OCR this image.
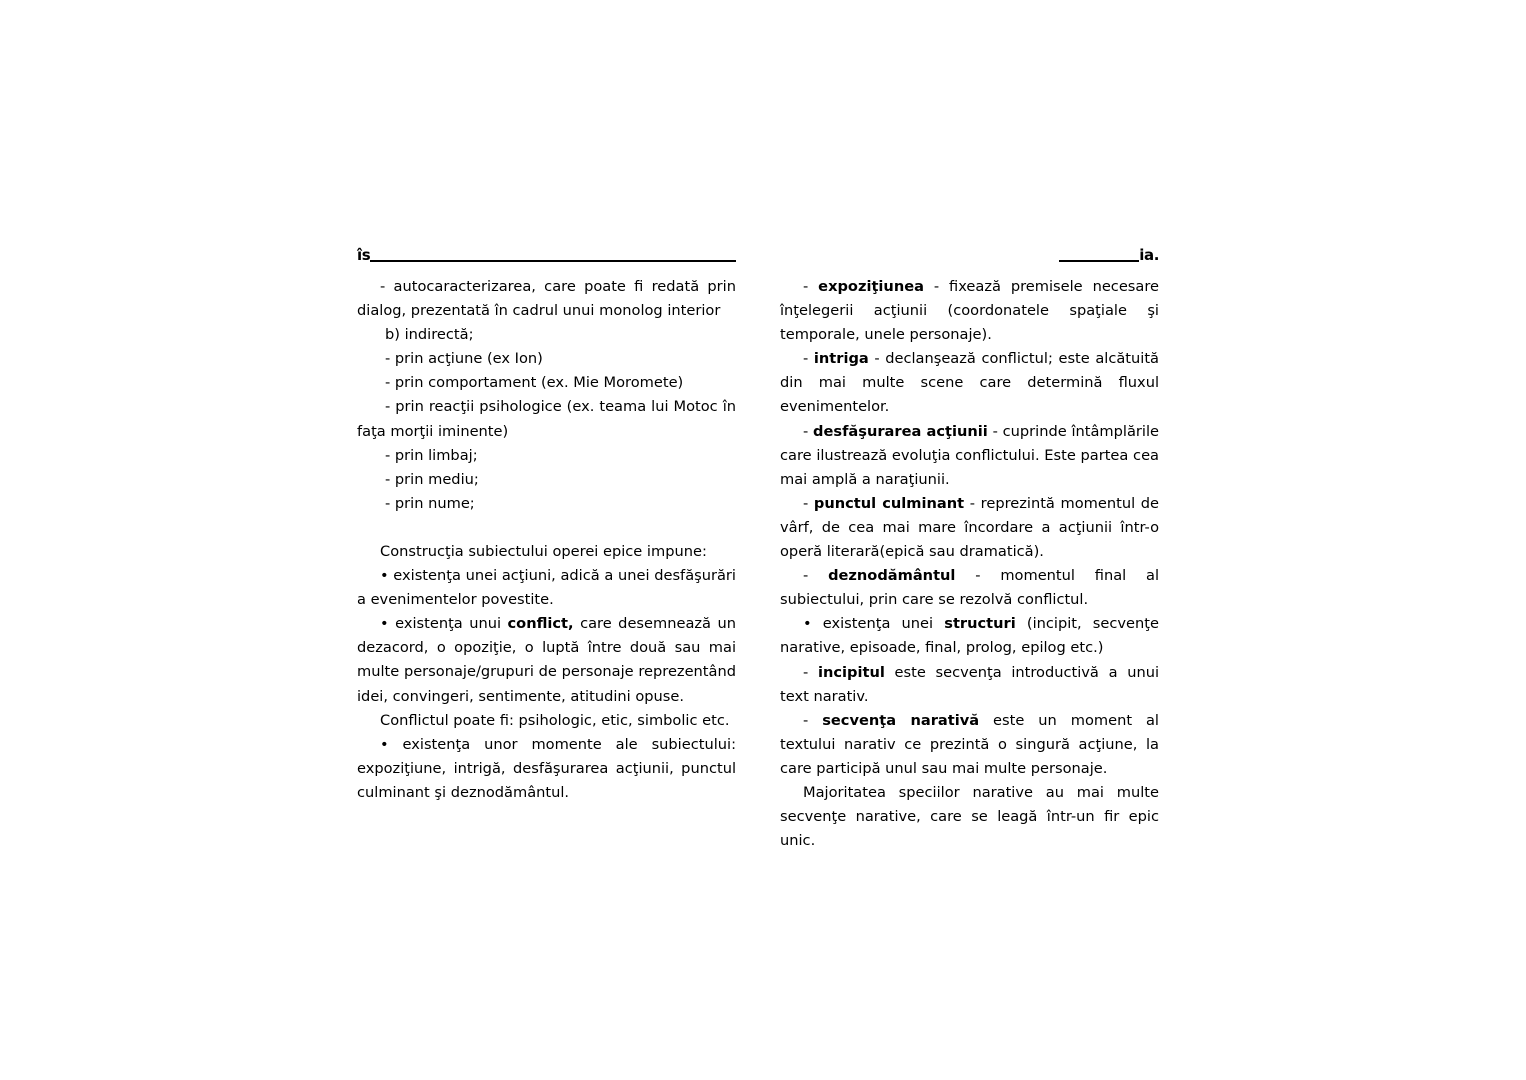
îs	ia.

- autocaracterizarea, care poate fi redată prin dialog, prezentată în cadrul unui monolog interior

b) indirectă;

- prin acţiune (ex Ion)

- prin comportament (ex. Mie Moromete)

- prin reacţii psihologice (ex. teama lui Motoc în faţa morţii iminente)

- prin limbaj;

- prin mediu;

- prin nume;

Construcţia subiectului operei epice impune:

• existenţa unei acţiuni, adică a unei desfăşurări a evenimentelor povestite.

• existenţa unui conflict, care desemnează un dezacord, o opoziţie, o luptă între două sau mai multe personaje/grupuri de personaje reprezentând idei, convingeri, sentimente, atitudini opuse.

Conflictul poate fi: psihologic, etic, simbolic etc.

• existenţa unor momente ale subiectului: expoziţiune, intrigă, desfăşurarea acţiunii, punctul culminant şi deznodământul.

- expoziţiunea - fixează premisele necesare înţelegerii acţiunii (coordonatele spaţiale şi temporale, unele personaje).

- intriga - declanşează conflictul; este alcătuită din mai multe scene care determină fluxul evenimentelor.

- desfăşurarea acţiunii - cuprinde întâmplările care ilustrează evoluţia conflictului. Este partea cea mai amplă a naraţiunii.

- punctul culminant - reprezintă momentul de vârf, de cea mai mare încordare a acţiunii într-o operă literară(epică sau dramatică).

- deznodământul - momentul final al subiectului, prin care se rezolvă conflictul.

• existenţa unei structuri (incipit, secvenţe narative, episoade, final, prolog, epilog etc.)

- incipitul este secvenţa introductivă a unui text narativ.

- secvenţa narativă este un moment al textului narativ ce prezintă o singură acţiune, la care participă unul sau mai multe personaje.

Majoritatea speciilor narative au mai multe secvenţe narative, care se leagă într-un fir epic unic.
